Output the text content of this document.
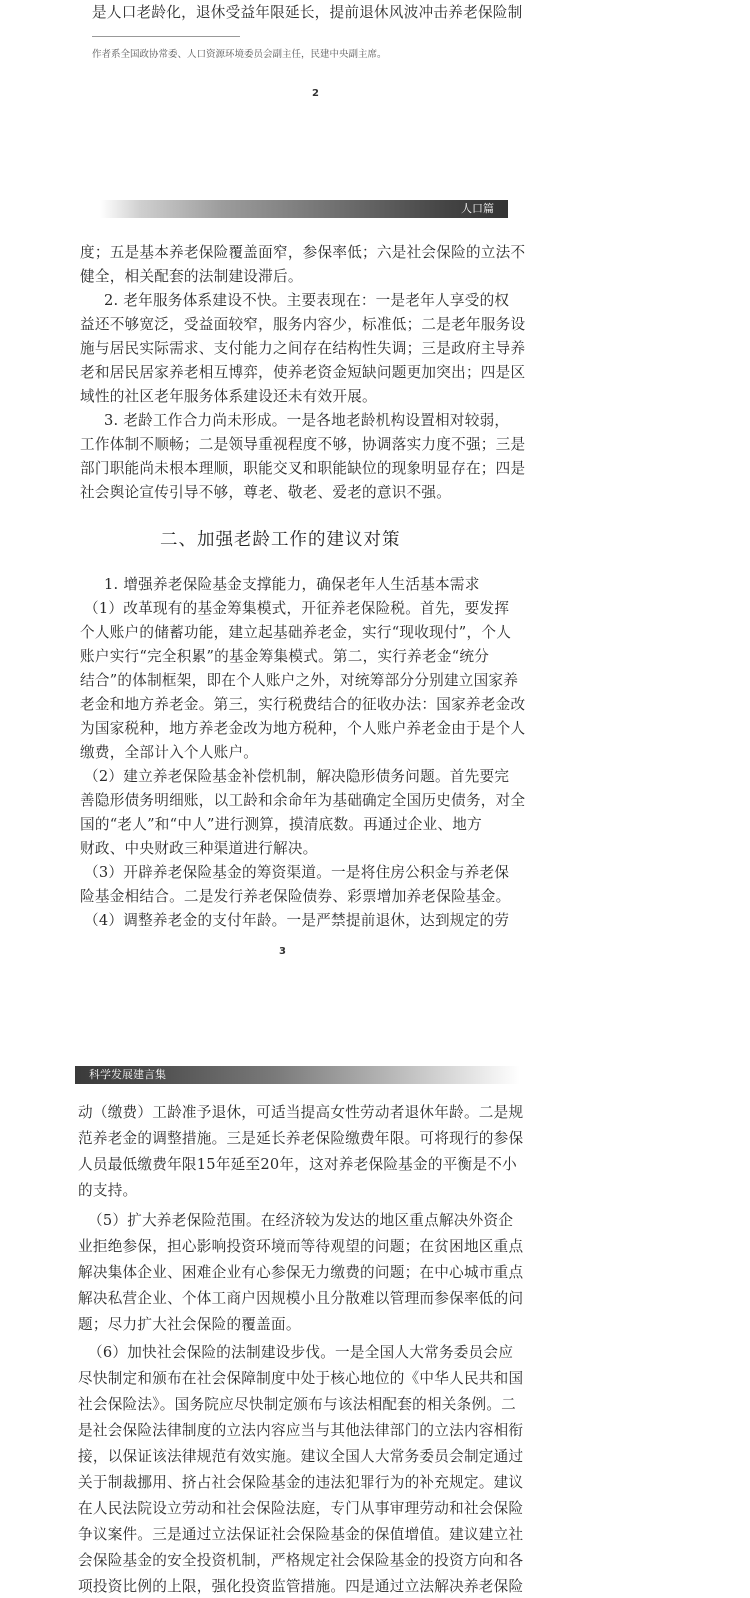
是人口老龄化，退休受益年限延长，提前退休风波冲击养老保险制
作者系全国政协常委、人口资源环境委员会副主任，民建中央副主席。
2
人口篇
度；五是基本养老保险覆盖面窄，参保率低；六是社会保险的立法不
健全，相关配套的法制建设滞后。
2. 老年服务体系建设不快。主要表现在：一是老年人享受的权
益还不够宽泛，受益面较窄，服务内容少，标准低；二是老年服务设
施与居民实际需求、支付能力之间存在结构性失调；三是政府主导养
老和居民居家养老相互博弈，使养老资金短缺问题更加突出；四是区
域性的社区老年服务体系建设还未有效开展。
3. 老龄工作合力尚未形成。一是各地老龄机构设置相对较弱，
工作体制不顺畅；二是领导重视程度不够，协调落实力度不强；三是
部门职能尚未根本理顺，职能交叉和职能缺位的现象明显存在；四是
社会舆论宣传引导不够，尊老、敬老、爱老的意识不强。
二、加强老龄工作的建议对策
1. 增强养老保险基金支撑能力，确保老年人生活基本需求
（1）改革现有的基金筹集模式，开征养老保险税。首先，要发挥
个人账户的储蓄功能，建立起基础养老金，实行“现收现付”，个人
账户实行“完全积累”的基金筹集模式。第二，实行养老金“统分
结合”的体制框架，即在个人账户之外，对统筹部分分别建立国家养
老金和地方养老金。第三，实行税费结合的征收办法：国家养老金改
为国家税种，地方养老金改为地方税种，个人账户养老金由于是个人
缴费，全部计入个人账户。
（2）建立养老保险基金补偿机制，解决隐形债务问题。首先要完
善隐形债务明细账，以工龄和余命年为基础确定全国历史债务，对全
国的“老人”和“中人”进行测算，摸清底数。再通过企业、地方
财政、中央财政三种渠道进行解决。
（3）开辟养老保险基金的筹资渠道。一是将住房公积金与养老保
险基金相结合。二是发行养老保险债券、彩票增加养老保险基金。
（4）调整养老金的支付年龄。一是严禁提前退休，达到规定的劳
3
科学发展建言集
动（缴费）工龄准予退休，可适当提高女性劳动者退休年龄。二是规
范养老金的调整措施。三是延长养老保险缴费年限。可将现行的参保
人员最低缴费年限15年延至20年，这对养老保险基金的平衡是不小
的支持。
（5）扩大养老保险范围。在经济较为发达的地区重点解决外资企
业拒绝参保，担心影响投资环境而等待观望的问题；在贫困地区重点
解决集体企业、困难企业有心参保无力缴费的问题；在中心城市重点
解决私营企业、个体工商户因规模小且分散难以管理而参保率低的问
题；尽力扩大社会保险的覆盖面。
（6）加快社会保险的法制建设步伐。一是全国人大常务委员会应
尽快制定和颁布在社会保障制度中处于核心地位的《中华人民共和国
社会保险法》。国务院应尽快制定颁布与该法相配套的相关条例。二
是社会保险法律制度的立法内容应当与其他法律部门的立法内容相衔
接，以保证该法律规范有效实施。建议全国人大常务委员会制定通过
关于制裁挪用、挤占社会保险基金的违法犯罪行为的补充规定。建议
在人民法院设立劳动和社会保险法庭，专门从事审理劳动和社会保险
争议案件。三是通过立法保证社会保险基金的保值增值。建议建立社
会保险基金的安全投资机制，严格规定社会保险基金的投资方向和各
项投资比例的上限，强化投资监管措施。四是通过立法解决养老保险
